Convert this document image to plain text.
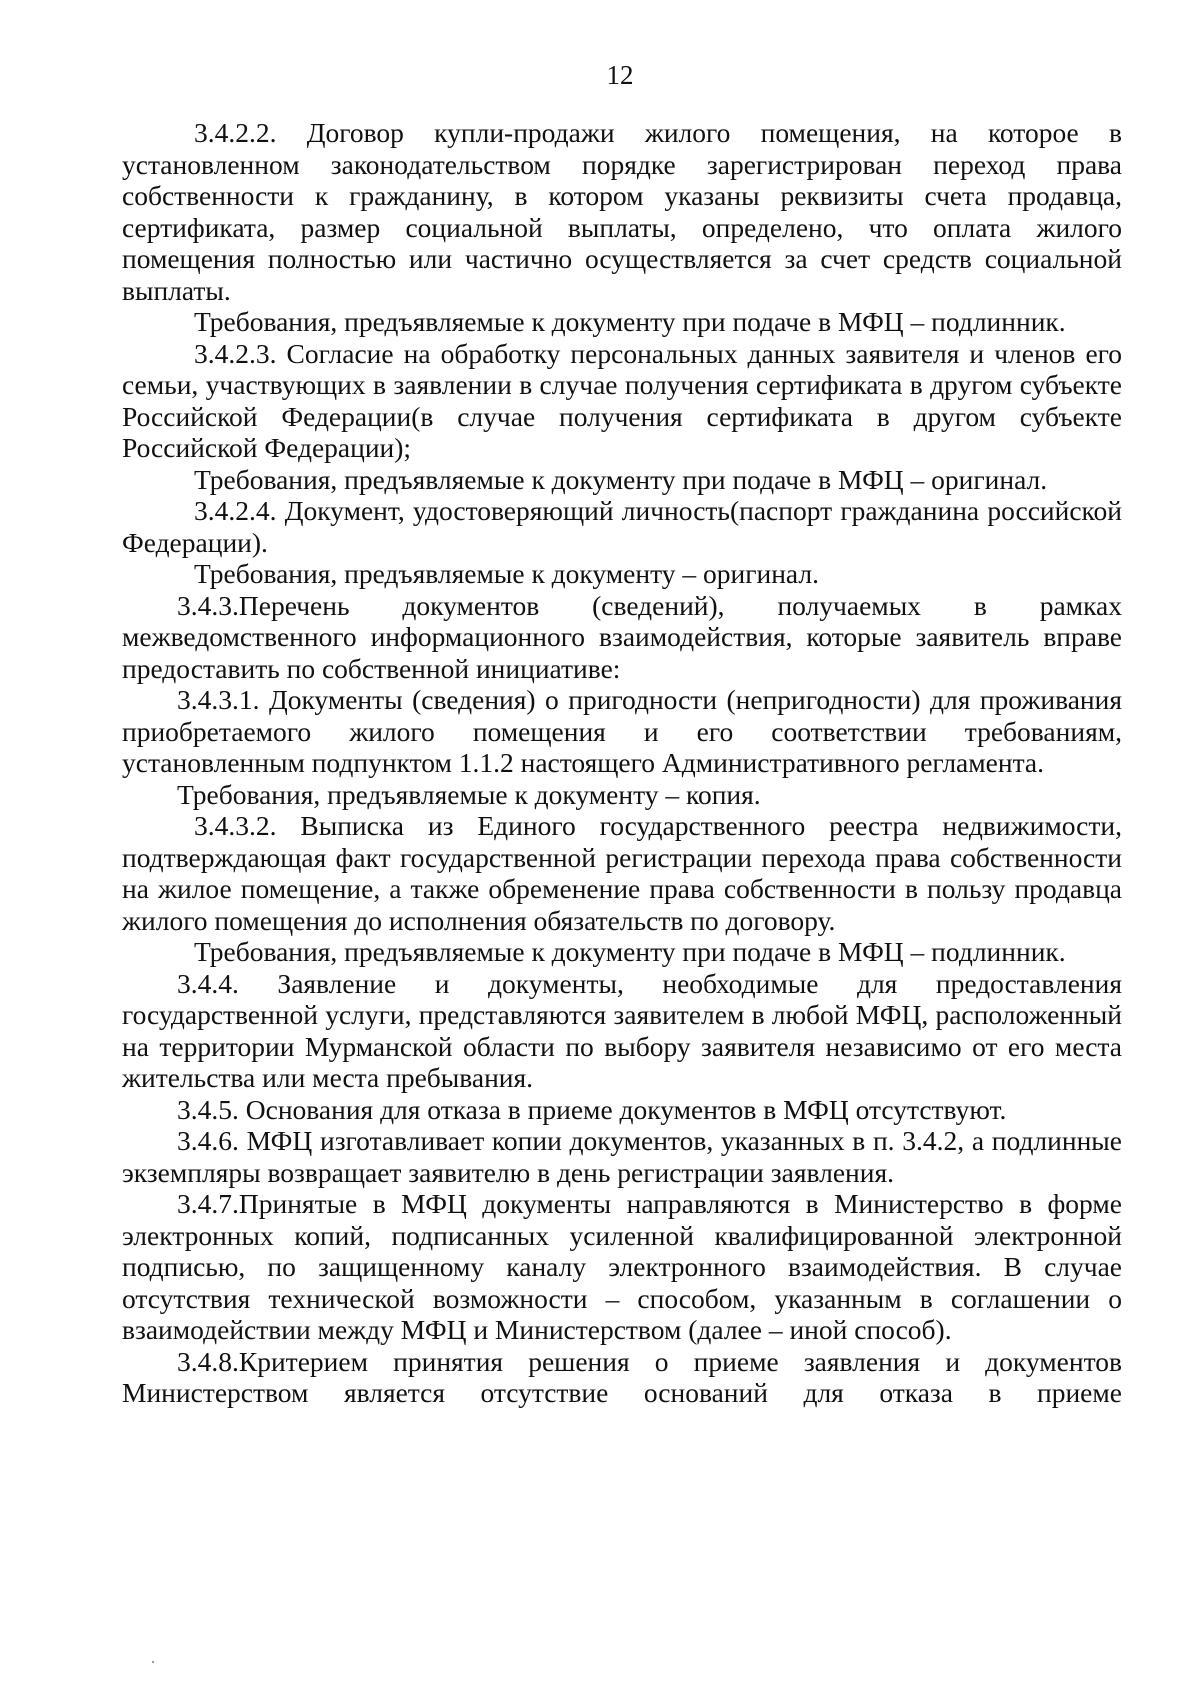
12

3.4.2.2. Договор купли-продажи жилого помещения, на которое в установленном законодательством порядке зарегистрирован переход права собственности к гражданину, в котором указаны реквизиты счета продавца, сертификата, размер социальной выплаты, определено, что оплата жилого помещения полностью или частично осуществляется за счет средств социальной выплаты.

Требования, предъявляемые к документу при подаче в МФЦ – подлинник.

3.4.2.3. Согласие на обработку персональных данных заявителя и членов его семьи, участвующих в заявлении в случае получения сертификата в другом субъекте Российской Федерации(в случае получения сертификата в другом субъекте Российской Федерации);

Требования, предъявляемые к документу при подаче в МФЦ – оригинал.

3.4.2.4. Документ, удостоверяющий личность(паспорт гражданина российской Федерации).

Требования, предъявляемые к документу – оригинал.

3.4.3.Перечень документов (сведений), получаемых в рамках межведомственного информационного взаимодействия, которые заявитель вправе предоставить по собственной инициативе:

3.4.3.1. Документы (сведения) о пригодности (непригодности) для проживания приобретаемого жилого помещения и его соответствии требованиям, установленным подпунктом 1.1.2 настоящего Административного регламента.

Требования, предъявляемые к документу – копия.

3.4.3.2. Выписка из Единого государственного реестра недвижимости, подтверждающая факт государственной регистрации перехода права собственности на жилое помещение, а также обременение права собственности в пользу продавца жилого помещения до исполнения обязательств по договору.

Требования, предъявляемые к документу при подаче в МФЦ – подлинник.

3.4.4. Заявление и документы, необходимые для предоставления государственной услуги, представляются заявителем в любой МФЦ, расположенный на территории Мурманской области по выбору заявителя независимо от его места жительства или места пребывания.

3.4.5. Основания для отказа в приеме документов в МФЦ отсутствуют.

3.4.6. МФЦ изготавливает копии документов, указанных в п. 3.4.2, а подлинные экземпляры возвращает заявителю в день регистрации заявления.

3.4.7.Принятые в МФЦ документы направляются в Министерство в форме электронных копий, подписанных усиленной квалифицированной электронной подписью, по защищенному каналу электронного взаимодействия. В случае отсутствия технической возможности – способом, указанным в соглашении о взаимодействии между МФЦ и Министерством (далее – иной способ).

3.4.8.Критерием принятия решения о приеме заявления и документов Министерством является отсутствие оснований для отказа в приеме
